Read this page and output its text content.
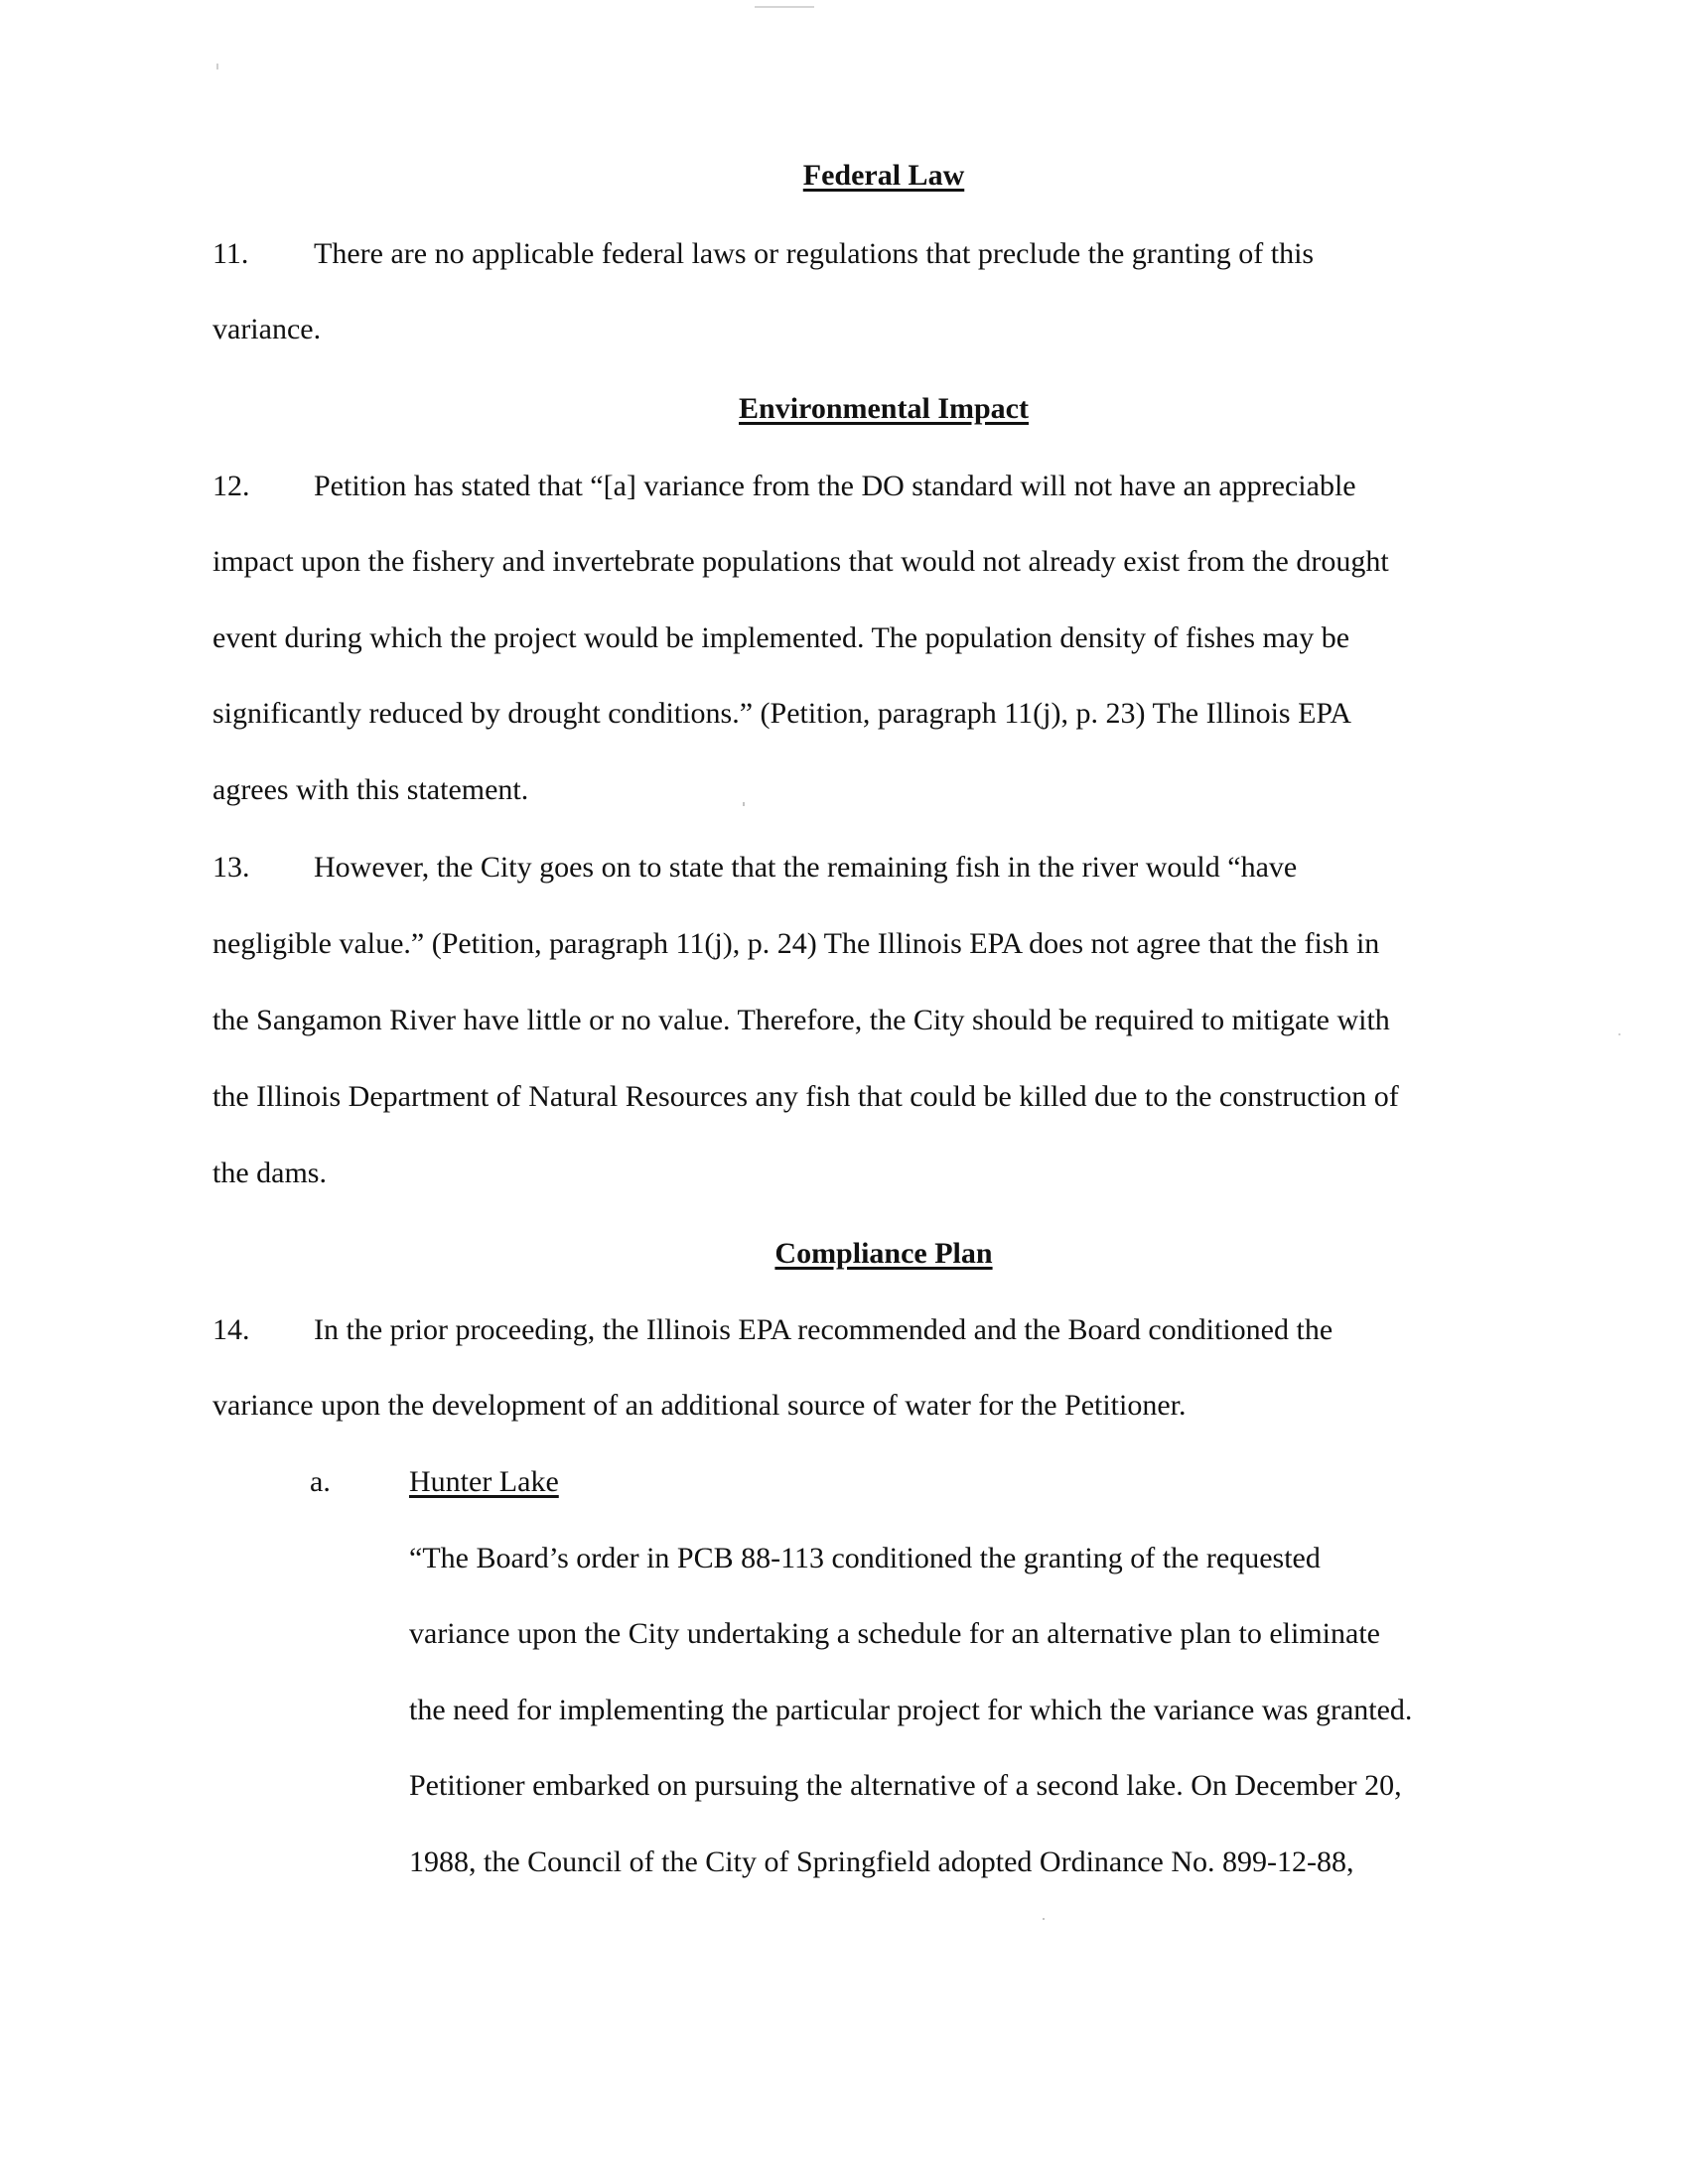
Federal Law
11. There are no applicable federal laws or regulations that preclude the granting of this
variance.
Environmental Impact
12. Petition has stated that “[a] variance from the DO standard will not have an appreciable
impact upon the fishery and invertebrate populations that would not already exist from the drought
event during which the project would be implemented. The population density of fishes may be
significantly reduced by drought conditions.” (Petition, paragraph 11(j), p. 23) The Illinois EPA
agrees with this statement.
13. However, the City goes on to state that the remaining fish in the river would “have
negligible value.” (Petition, paragraph 11(j), p. 24) The Illinois EPA does not agree that the fish in
the Sangamon River have little or no value. Therefore, the City should be required to mitigate with
the Illinois Department of Natural Resources any fish that could be killed due to the construction of
the dams.
Compliance Plan
14. In the prior proceeding, the Illinois EPA recommended and the Board conditioned the
variance upon the development of an additional source of water for the Petitioner.
a.	Hunter Lake
“The Board’s order in PCB 88-113 conditioned the granting of the requested
variance upon the City undertaking a schedule for an alternative plan to eliminate
the need for implementing the particular project for which the variance was granted.
Petitioner embarked on pursuing the alternative of a second lake. On December 20,
1988, the Council of the City of Springfield adopted Ordinance No. 899-12-88,
